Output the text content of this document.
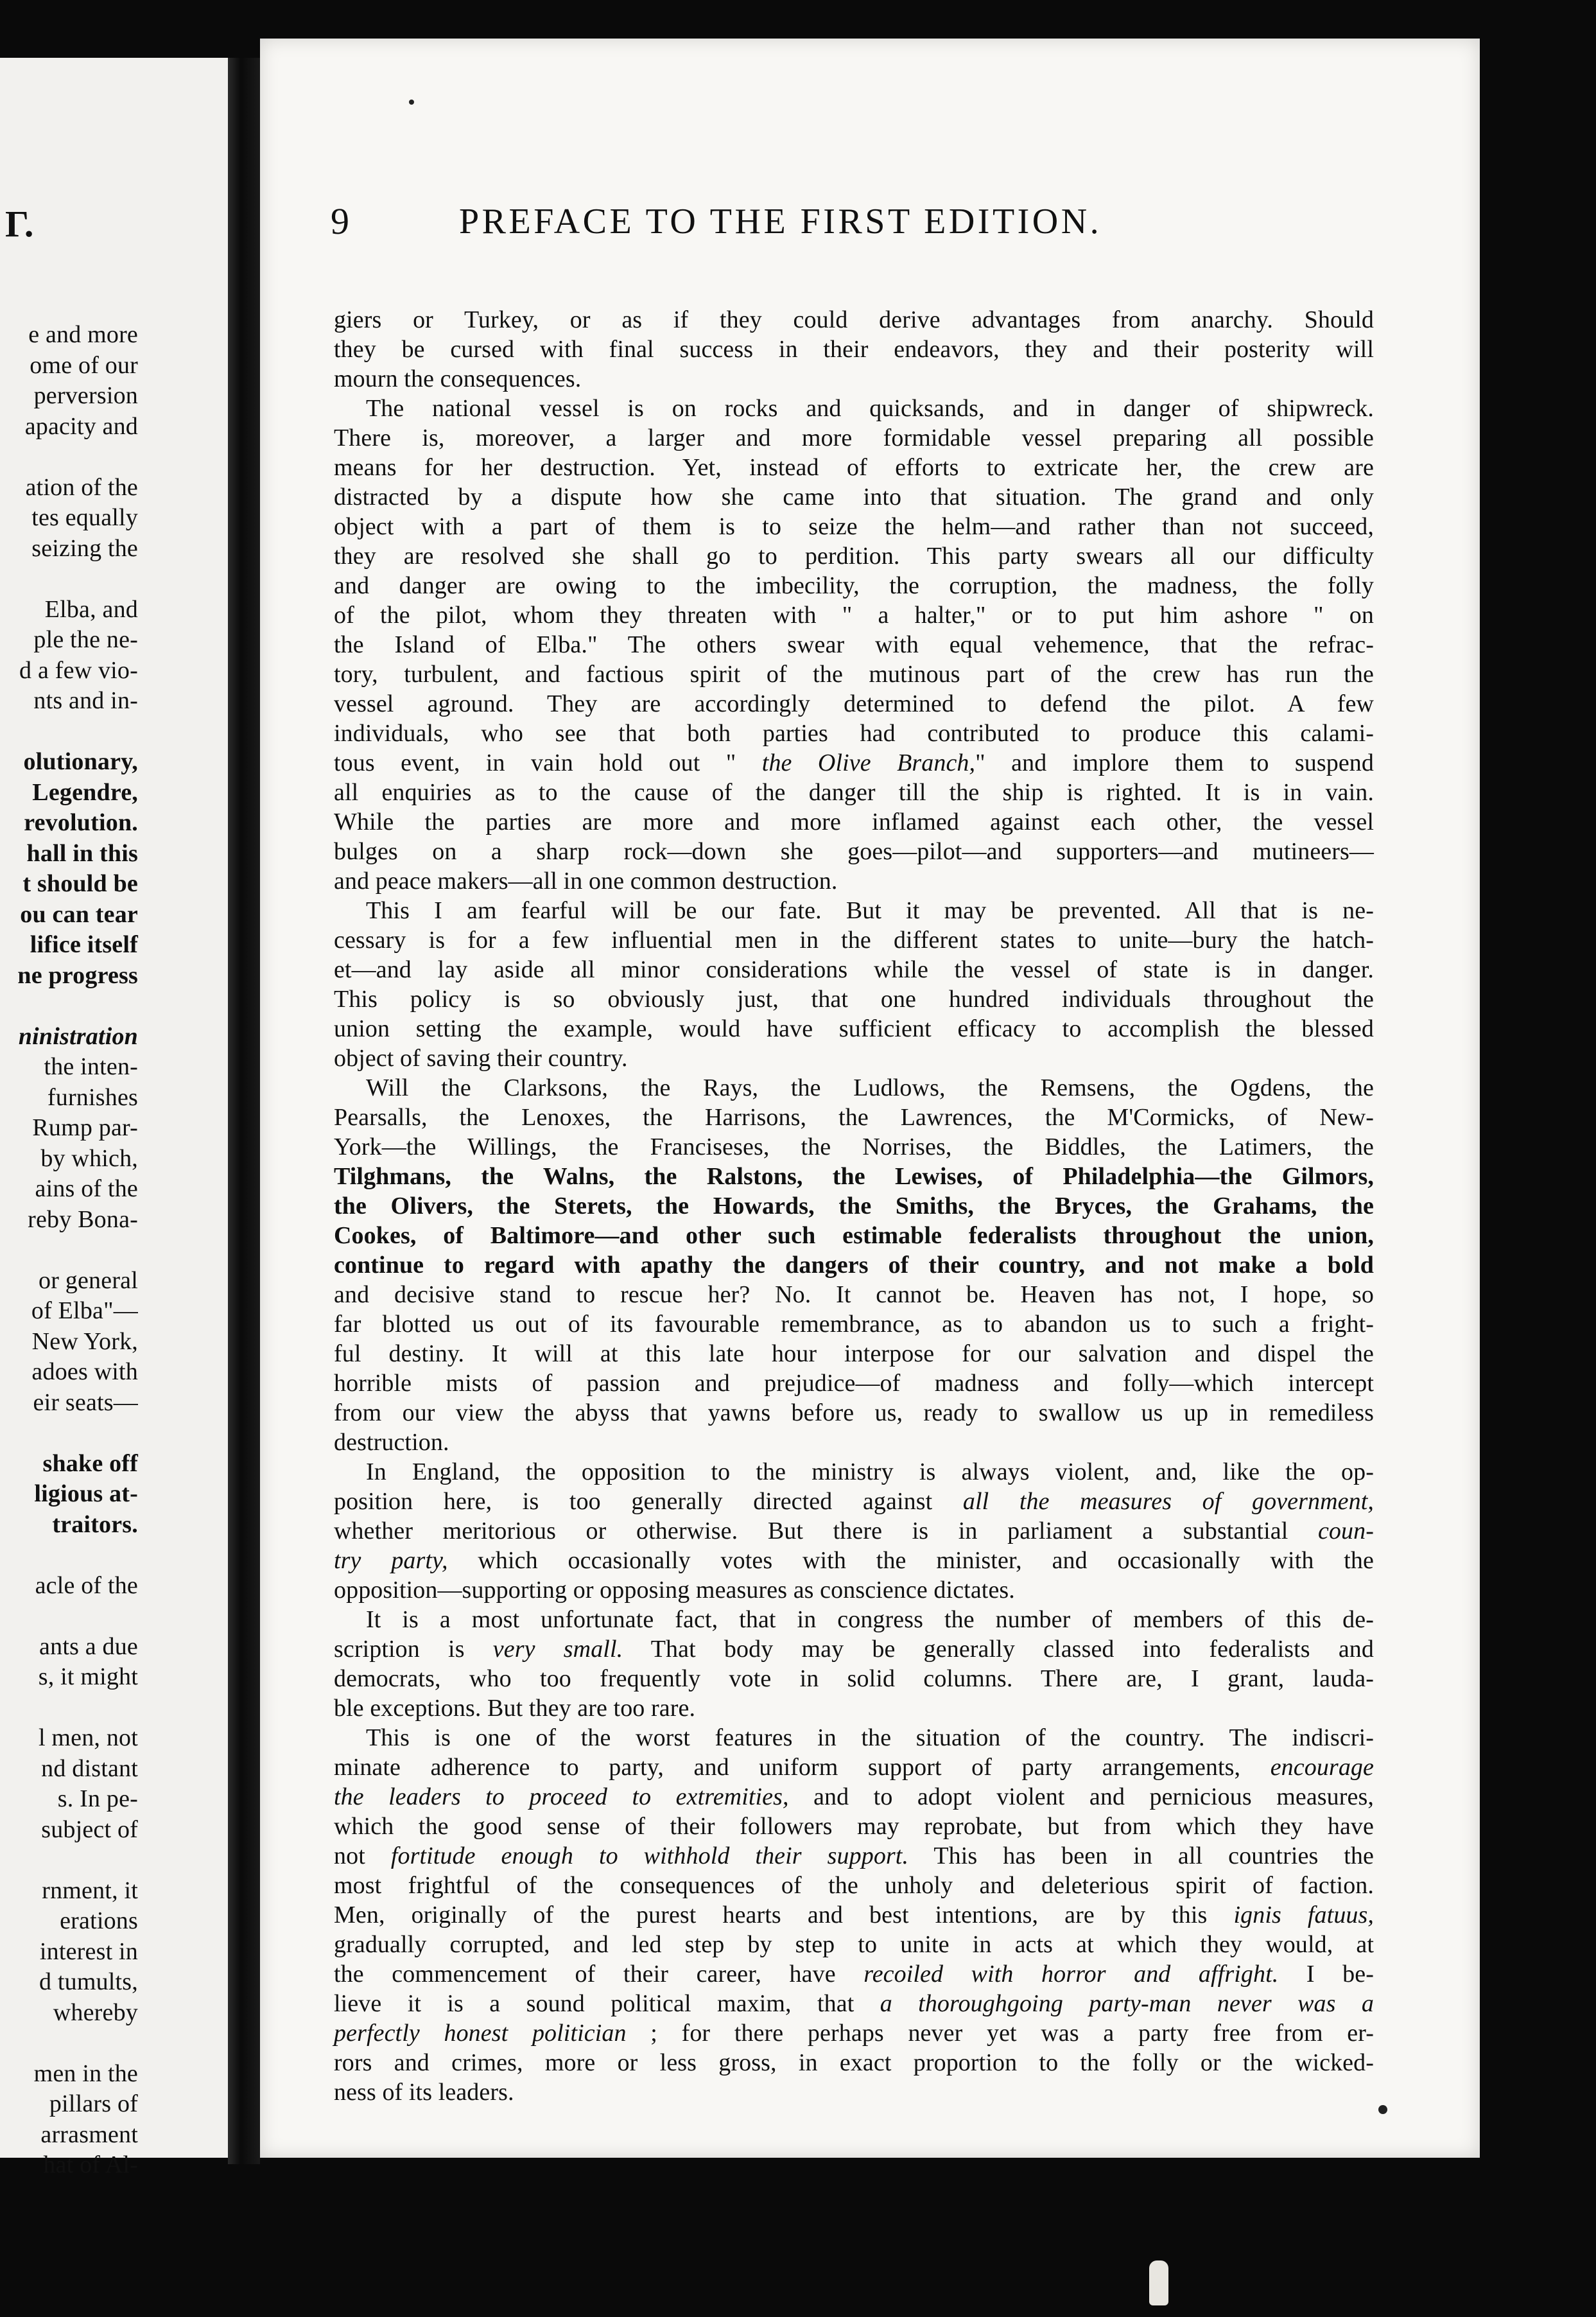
Γ.
e and more
ome of our
perversion
apacity and
ation of the
tes equally
seizing the
Elba, and
ple the ne-
d a few vio-
nts and in-
olutionary,
Legendre,
revolution.
hall in this
t should be
ou can tear
lifice itself
ne progress
ninistration
the inten-
furnishes
Rump par-
by which,
ains of the
reby Bona-
or general
of Elba"—
New York,
adoes with
eir seats—
shake off
ligious at-
traitors.
acle of the
ants a due
s, it might
l men, not
nd distant
s. In pe-
subject of
rnment, it
erations
interest in
d tumults,
whereby
men in the
pillars of
arrasment
hat of Al-
9	PREFACE TO THE FIRST EDITION.
giers or Turkey, or as if they could derive advantages from anarchy. Should
they be cursed with final success in their endeavors, they and their posterity will
mourn the consequences.
The national vessel is on rocks and quicksands, and in danger of shipwreck.
There is, moreover, a larger and more formidable vessel preparing all possible
means for her destruction. Yet, instead of efforts to extricate her, the crew are
distracted by a dispute how she came into that situation. The grand and only
object with a part of them is to seize the helm—and rather than not succeed,
they are resolved she shall go to perdition. This party swears all our difficulty
and danger are owing to the imbecility, the corruption, the madness, the folly
of the pilot, whom they threaten with " a halter," or to put him ashore " on
the Island of Elba." The others swear with equal vehemence, that the refrac-
tory, turbulent, and factious spirit of the mutinous part of the crew has run the
vessel aground. They are accordingly determined to defend the pilot. A few
individuals, who see that both parties had contributed to produce this calami-
tous event, in vain hold out " the Olive Branch," and implore them to suspend
all enquiries as to the cause of the danger till the ship is righted. It is in vain.
While the parties are more and more inflamed against each other, the vessel
bulges on a sharp rock—down she goes—pilot—and supporters—and mutineers—
and peace makers—all in one common destruction.
This I am fearful will be our fate. But it may be prevented. All that is ne-
cessary is for a few influential men in the different states to unite—bury the hatch-
et—and lay aside all minor considerations while the vessel of state is in danger.
This policy is so obviously just, that one hundred individuals throughout the
union setting the example, would have sufficient efficacy to accomplish the blessed
object of saving their country.
Will the Clarksons, the Rays, the Ludlows, the Remsens, the Ogdens, the
Pearsalls, the Lenoxes, the Harrisons, the Lawrences, the M'Cormicks, of New-
York—the Willings, the Franciseses, the Norrises, the Biddles, the Latimers, the
Tilghmans, the Walns, the Ralstons, the Lewises, of Philadelphia—the Gilmors,
the Olivers, the Sterets, the Howards, the Smiths, the Bryces, the Grahams, the
Cookes, of Baltimore—and other such estimable federalists throughout the union,
continue to regard with apathy the dangers of their country, and not make a bold
and decisive stand to rescue her? No. It cannot be. Heaven has not, I hope, so
far blotted us out of its favourable remembrance, as to abandon us to such a fright-
ful destiny. It will at this late hour interpose for our salvation and dispel the
horrible mists of passion and prejudice—of madness and folly—which intercept
from our view the abyss that yawns before us, ready to swallow us up in remediless
destruction.
In England, the opposition to the ministry is always violent, and, like the op-
position here, is too generally directed against all the measures of government,
whether meritorious or otherwise. But there is in parliament a substantial coun-
try party, which occasionally votes with the minister, and occasionally with the
opposition—supporting or opposing measures as conscience dictates.
It is a most unfortunate fact, that in congress the number of members of this de-
scription is very small. That body may be generally classed into federalists and
democrats, who too frequently vote in solid columns. There are, I grant, lauda-
ble exceptions. But they are too rare.
This is one of the worst features in the situation of the country. The indiscri-
minate adherence to party, and uniform support of party arrangements, encourage
the leaders to proceed to extremities, and to adopt violent and pernicious measures,
which the good sense of their followers may reprobate, but from which they have
not fortitude enough to withhold their support. This has been in all countries the
most frightful of the consequences of the unholy and deleterious spirit of faction.
Men, originally of the purest hearts and best intentions, are by this ignis fatuus,
gradually corrupted, and led step by step to unite in acts at which they would, at
the commencement of their career, have recoiled with horror and affright. I be-
lieve it is a sound political maxim, that a thoroughgoing party-man never was a
perfectly honest politician ; for there perhaps never yet was a party free from er-
rors and crimes, more or less gross, in exact proportion to the folly or the wicked-
ness of its leaders.
